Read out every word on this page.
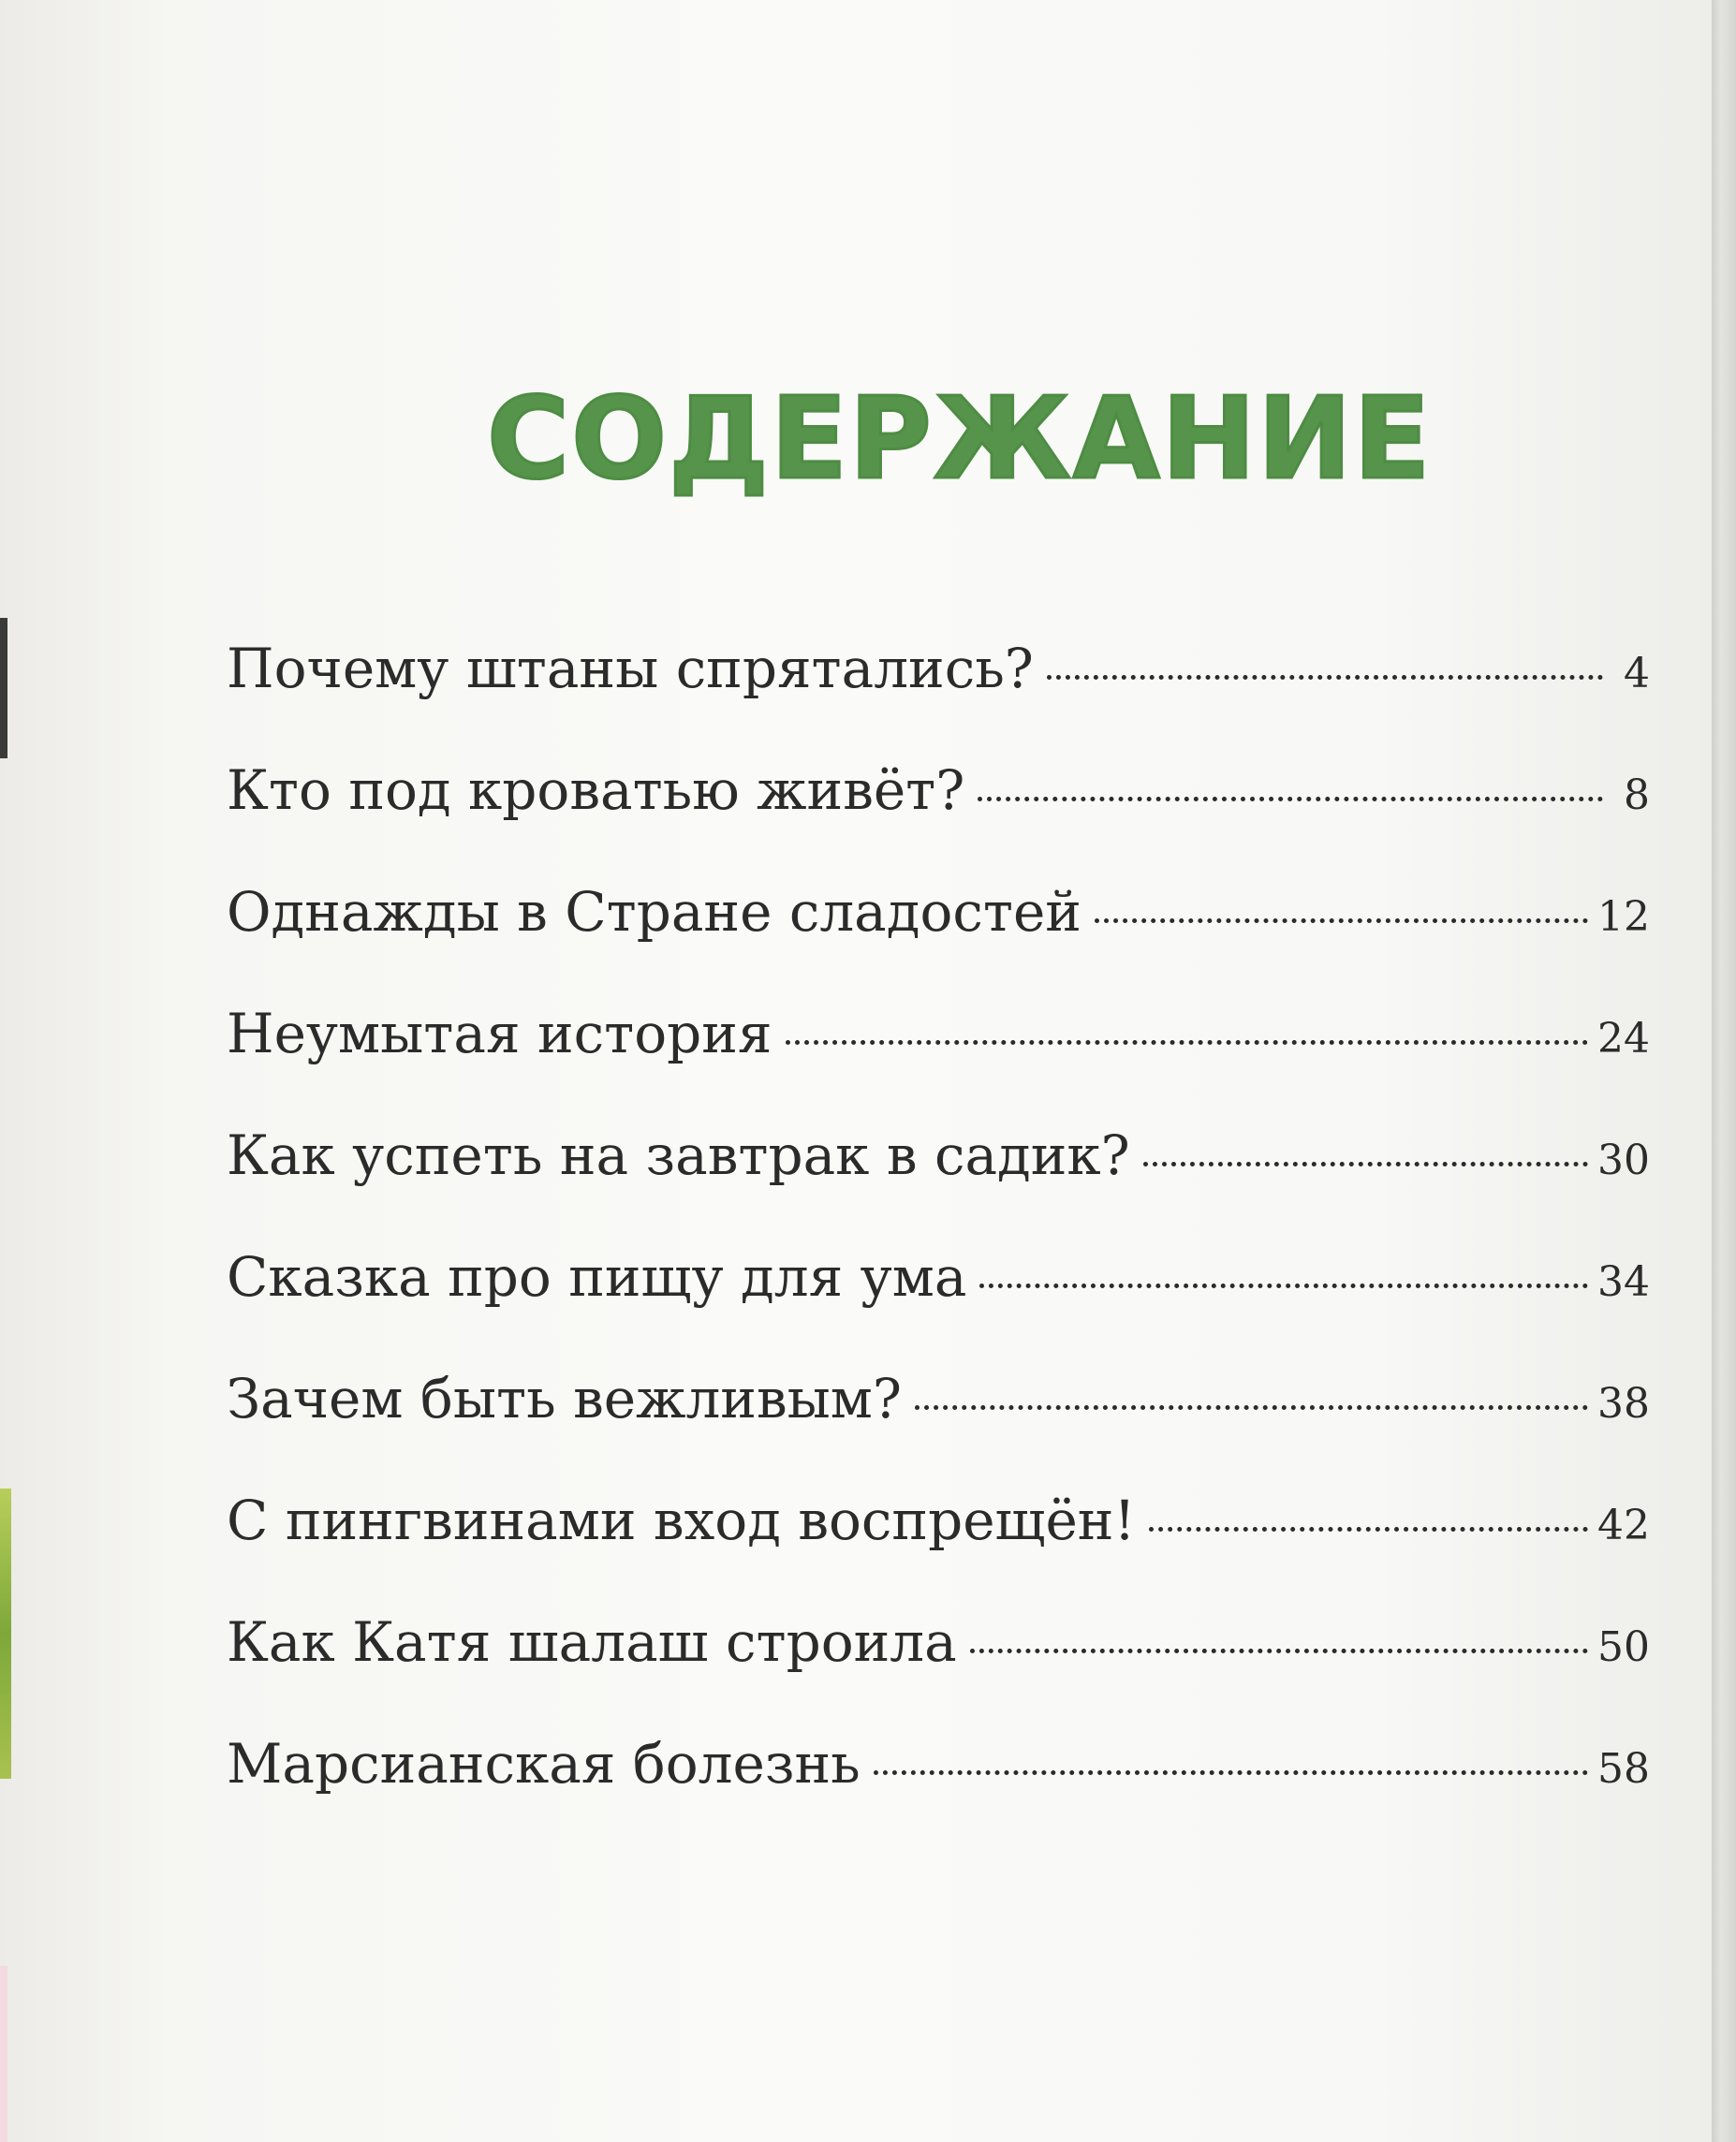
СОДЕРЖАНИЕ
Почему штаны спрятались?	4
Кто под кроватью живёт?	8
Однажды в Стране сладостей	12
Неумытая история	24
Как успеть на завтрак в садик?	30
Сказка про пищу для ума	34
Зачем быть вежливым?	38
С пингвинами вход воспрещён!	42
Как Катя шалаш строила	50
Марсианская болезнь	58
